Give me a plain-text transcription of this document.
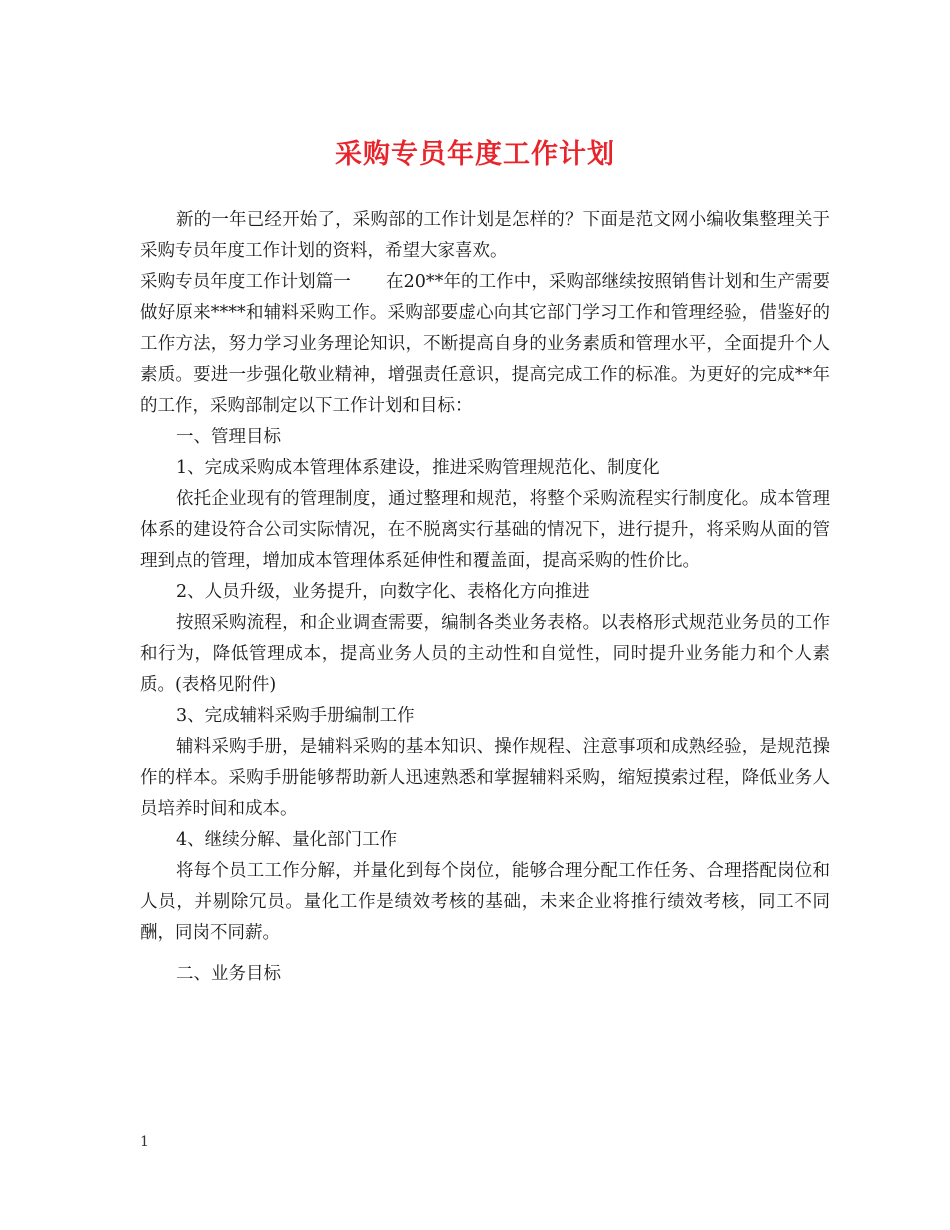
采购专员年度工作计划

新的一年已经开始了，采购部的工作计划是怎样的？下面是范文网小编收集整理关于采购专员年度工作计划的资料，希望大家喜欢。

采购专员年度工作计划篇一　　在20**年的工作中，采购部继续按照销售计划和生产需要做好原来****和辅料采购工作。采购部要虚心向其它部门学习工作和管理经验，借鉴好的工作方法，努力学习业务理论知识，不断提高自身的业务素质和管理水平，全面提升个人素质。要进一步强化敬业精神，增强责任意识，提高完成工作的标准。为更好的完成**年的工作，采购部制定以下工作计划和目标：

一、管理目标

1、完成采购成本管理体系建设，推进采购管理规范化、制度化

依托企业现有的管理制度，通过整理和规范，将整个采购流程实行制度化。成本管理体系的建设符合公司实际情况，在不脱离实行基础的情况下，进行提升，将采购从面的管理到点的管理，增加成本管理体系延伸性和覆盖面，提高采购的性价比。

2、人员升级，业务提升，向数字化、表格化方向推进

按照采购流程，和企业调查需要，编制各类业务表格。以表格形式规范业务员的工作和行为，降低管理成本，提高业务人员的主动性和自觉性，同时提升业务能力和个人素质。(表格见附件)

3、完成辅料采购手册编制工作

辅料采购手册，是辅料采购的基本知识、操作规程、注意事项和成熟经验，是规范操作的样本。采购手册能够帮助新人迅速熟悉和掌握辅料采购，缩短摸索过程，降低业务人员培养时间和成本。

4、继续分解、量化部门工作

将每个员工工作分解，并量化到每个岗位，能够合理分配工作任务、合理搭配岗位和人员，并剔除冗员。量化工作是绩效考核的基础，未来企业将推行绩效考核，同工不同酬，同岗不同薪。

二、业务目标

1
